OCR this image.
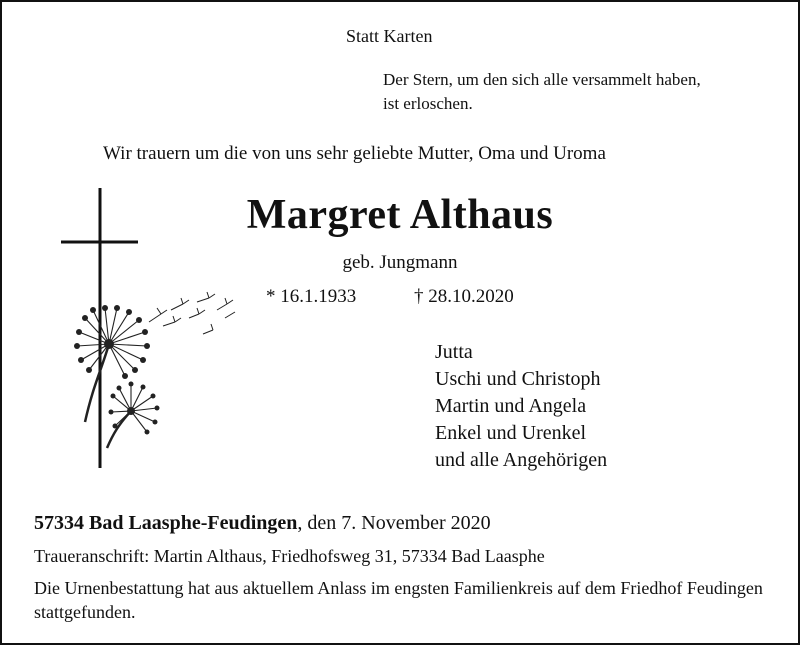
Statt Karten
Der Stern, um den sich alle versammelt haben,
ist erloschen.
Wir trauern um die von uns sehr geliebte Mutter, Oma und Uroma
Margret Althaus
geb. Jungmann
* 16.1.1933	† 28.10.2020
Jutta
Uschi und Christoph
Martin und Angela
Enkel und Urenkel
und alle Angehörigen
57334 Bad Laasphe-Feudingen, den 7. November 2020
Traueranschrift: Martin Althaus, Friedhofsweg 31, 57334 Bad Laasphe
Die Urnenbestattung hat aus aktuellem Anlass im engsten Familienkreis auf dem Friedhof Feudingen stattgefunden.
